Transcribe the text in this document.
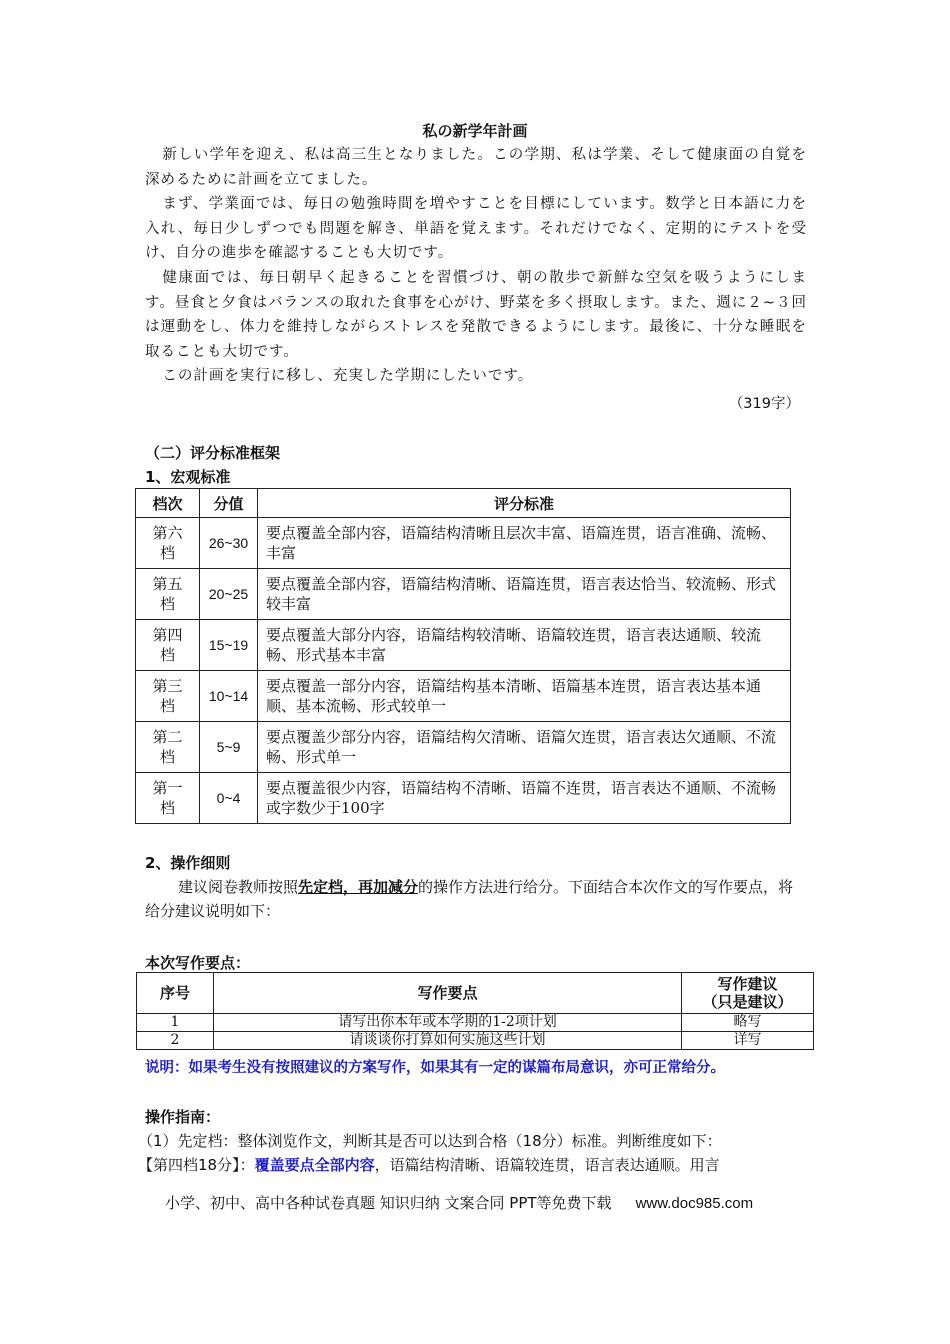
私の新学年計画

新しい学年を迎え、私は高三生となりました。この学期、私は学業、そして健康面の自覚を深めるために計画を立てました。

まず、学業面では、毎日の勉強時間を増やすことを目標にしています。数学と日本語に力を入れ、毎日少しずつでも問題を解き、単語を覚えます。それだけでなく、定期的にテストを受け、自分の進歩を確認することも大切です。

健康面では、毎日朝早く起きることを習慣づけ、朝の散歩で新鮮な空気を吸うようにします。昼食と夕食はバランスの取れた食事を心がけ、野菜を多く摂取します。また、週に２~３回は運動をし、体力を維持しながらストレスを発散できるようにします。最後に、十分な睡眠を取ることも大切です。

この計画を実行に移し、充実した学期にしたいです。

（319字）
（二）评分标准框架
1、宏观标准
档次	分值	评分标准

第六档	26~30	要点覆盖全部内容，语篇结构清晰且层次丰富、语篇连贯，语言准确、流畅、丰富

第五档	20~25	要点覆盖全部内容，语篇结构清晰、语篇连贯，语言表达恰当、较流畅、形式较丰富

第四档	15~19	要点覆盖大部分内容，语篇结构较清晰、语篇较连贯，语言表达通顺、较流畅、形式基本丰富

第三档	10~14	要点覆盖一部分内容，语篇结构基本清晰、语篇基本连贯，语言表达基本通顺、基本流畅、形式较单一

第二档	5~9	要点覆盖少部分内容，语篇结构欠清晰、语篇欠连贯，语言表达欠通顺、不流畅、形式单一

第一档	0~4	要点覆盖很少内容，语篇结构不清晰、语篇不连贯，语言表达不通顺、不流畅或字数少于100字
2、操作细则
建议阅卷教师按照先定档，再加减分的操作方法进行给分。下面结合本次作文的写作要点，将给分建议说明如下：
本次写作要点：
序号	写作要点	写作建议
（只是建议）

1	请写出你本年或本学期的1-2项计划	略写
2	请谈谈你打算如何实施这些计划	详写
说明：如果考生没有按照建议的方案写作，如果其有一定的谋篇布局意识，亦可正常给分。
操作指南：
（1）先定档：整体浏览作文，判断其是否可以达到合格（18分）标准。判断维度如下：
【第四档18分】：覆盖要点全部内容，语篇结构清晰、语篇较连贯，语言表达通顺。用言
小学、初中、高中各种试卷真题 知识归纳 文案合同 PPT等免费下载 www.doc985.com
